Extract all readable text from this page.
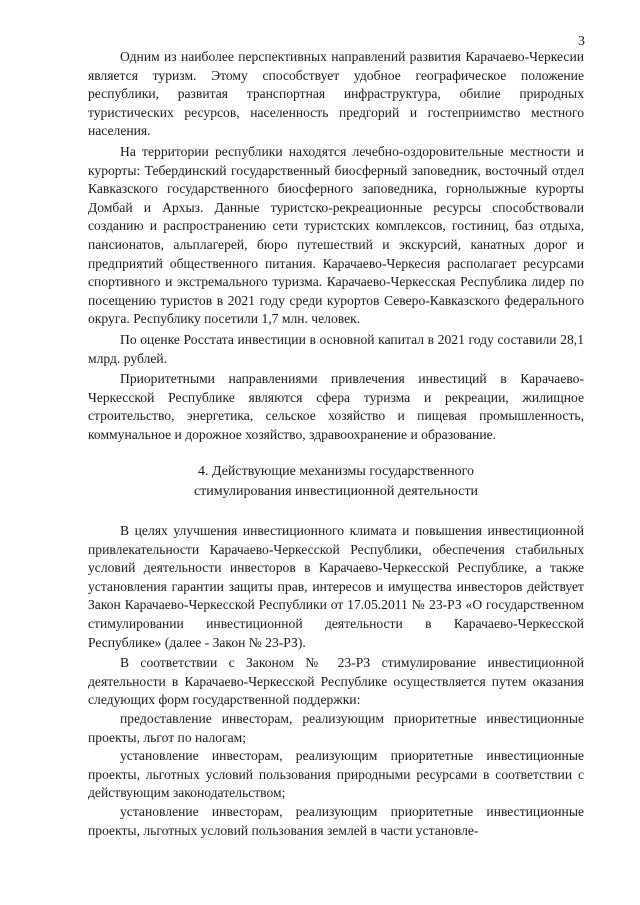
3

Одним из наиболее перспективных направлений развития Карачаево-Черкесии является туризм. Этому способствует удобное географическое положение республики, развитая транспортная инфраструктура, обилие природных туристических ресурсов, населенность предгорий и гостеприимство местного населения.

На территории республики находятся лечебно-оздоровительные местности и курорты: Тебердинский государственный биосферный заповедник, восточный отдел Кавказского государственного биосферного заповедника, горнолыжные курорты Домбай и Архыз. Данные туристско-рекреационные ресурсы способствовали созданию и распространению сети туристских комплексов, гостиниц, баз отдыха, пансионатов, альплагерей, бюро путешествий и экскурсий, канатных дорог и предприятий общественного питания. Карачаево-Черкесия располагает ресурсами спортивного и экстремального туризма. Карачаево-Черкесская Республика лидер по посещению туристов в 2021 году среди курортов Северо-Кавказского федерального округа. Республику посетили 1,7 млн. человек.

По оценке Росстата инвестиции в основной капитал в 2021 году составили 28,1 млрд. рублей.

Приоритетными направлениями привлечения инвестиций в Карачаево-Черкесской Республике являются сфера туризма и рекреации, жилищное строительство, энергетика, сельское хозяйство и пищевая промышленность, коммунальное и дорожное хозяйство, здравоохранение и образование.

4. Действующие механизмы государственного
стимулирования инвестиционной деятельности

В целях улучшения инвестиционного климата и повышения инвестиционной привлекательности Карачаево-Черкесской Республики, обеспечения стабильных условий деятельности инвесторов в Карачаево-Черкесской Республике, а также установления гарантии защиты прав, интересов и имущества инвесторов действует Закон Карачаево-Черкесской Республики от 17.05.2011 № 23-РЗ «О государственном стимулировании инвестиционной деятельности в Карачаево-Черкесской Республике» (далее - Закон № 23-РЗ).

В соответствии с Законом № 23-РЗ стимулирование инвестиционной деятельности в Карачаево-Черкесской Республике осуществляется путем оказания следующих форм государственной поддержки:

предоставление инвесторам, реализующим приоритетные инвестиционные проекты, льгот по налогам;

установление инвесторам, реализующим приоритетные инвестиционные проекты, льготных условий пользования природными ресурсами в соответствии с действующим законодательством;

установление инвесторам, реализующим приоритетные инвестиционные проекты, льготных условий пользования землей в части установле-
